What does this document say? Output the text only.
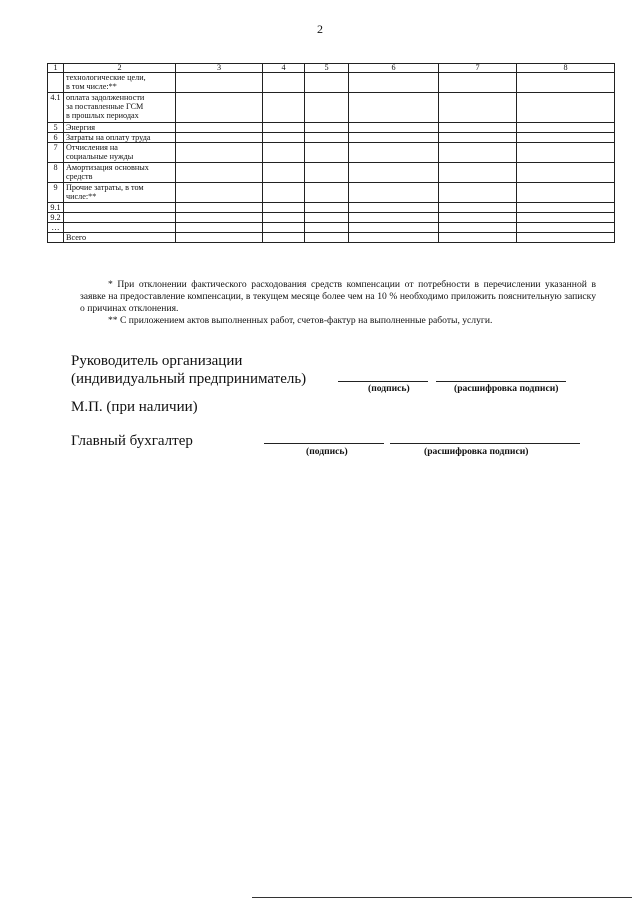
2
1	2	3	4	5	6	7	8
	технологические цели,
в том числе:**						
4.1	оплата задолженности
за поставленные ГСМ
в прошлых периодах						
5	Энергия						
6	Затраты на оплату труда						
7	Отчисления на
социальные нужды						
8	Амортизация основных
средств						
9	Прочие затраты, в том
числе:**						
9.1							
9.2							
…							
	Всего						

* При отклонении фактического расходования средств компенсации от потребности в перечислении указанной в заявке на предоставление компенсации, в текущем месяце более чем на 10 % необходимо приложить пояснительную записку о причинах отклонения.

** С приложением актов выполненных работ, счетов-фактур на выполненные работы, услуги.

Руководитель организации
(индивидуальный предприниматель)
(подпись)	(расшифровка подписи)
М.П. (при наличии)
Главный бухгалтер
(подпись)	(расшифровка подписи)
